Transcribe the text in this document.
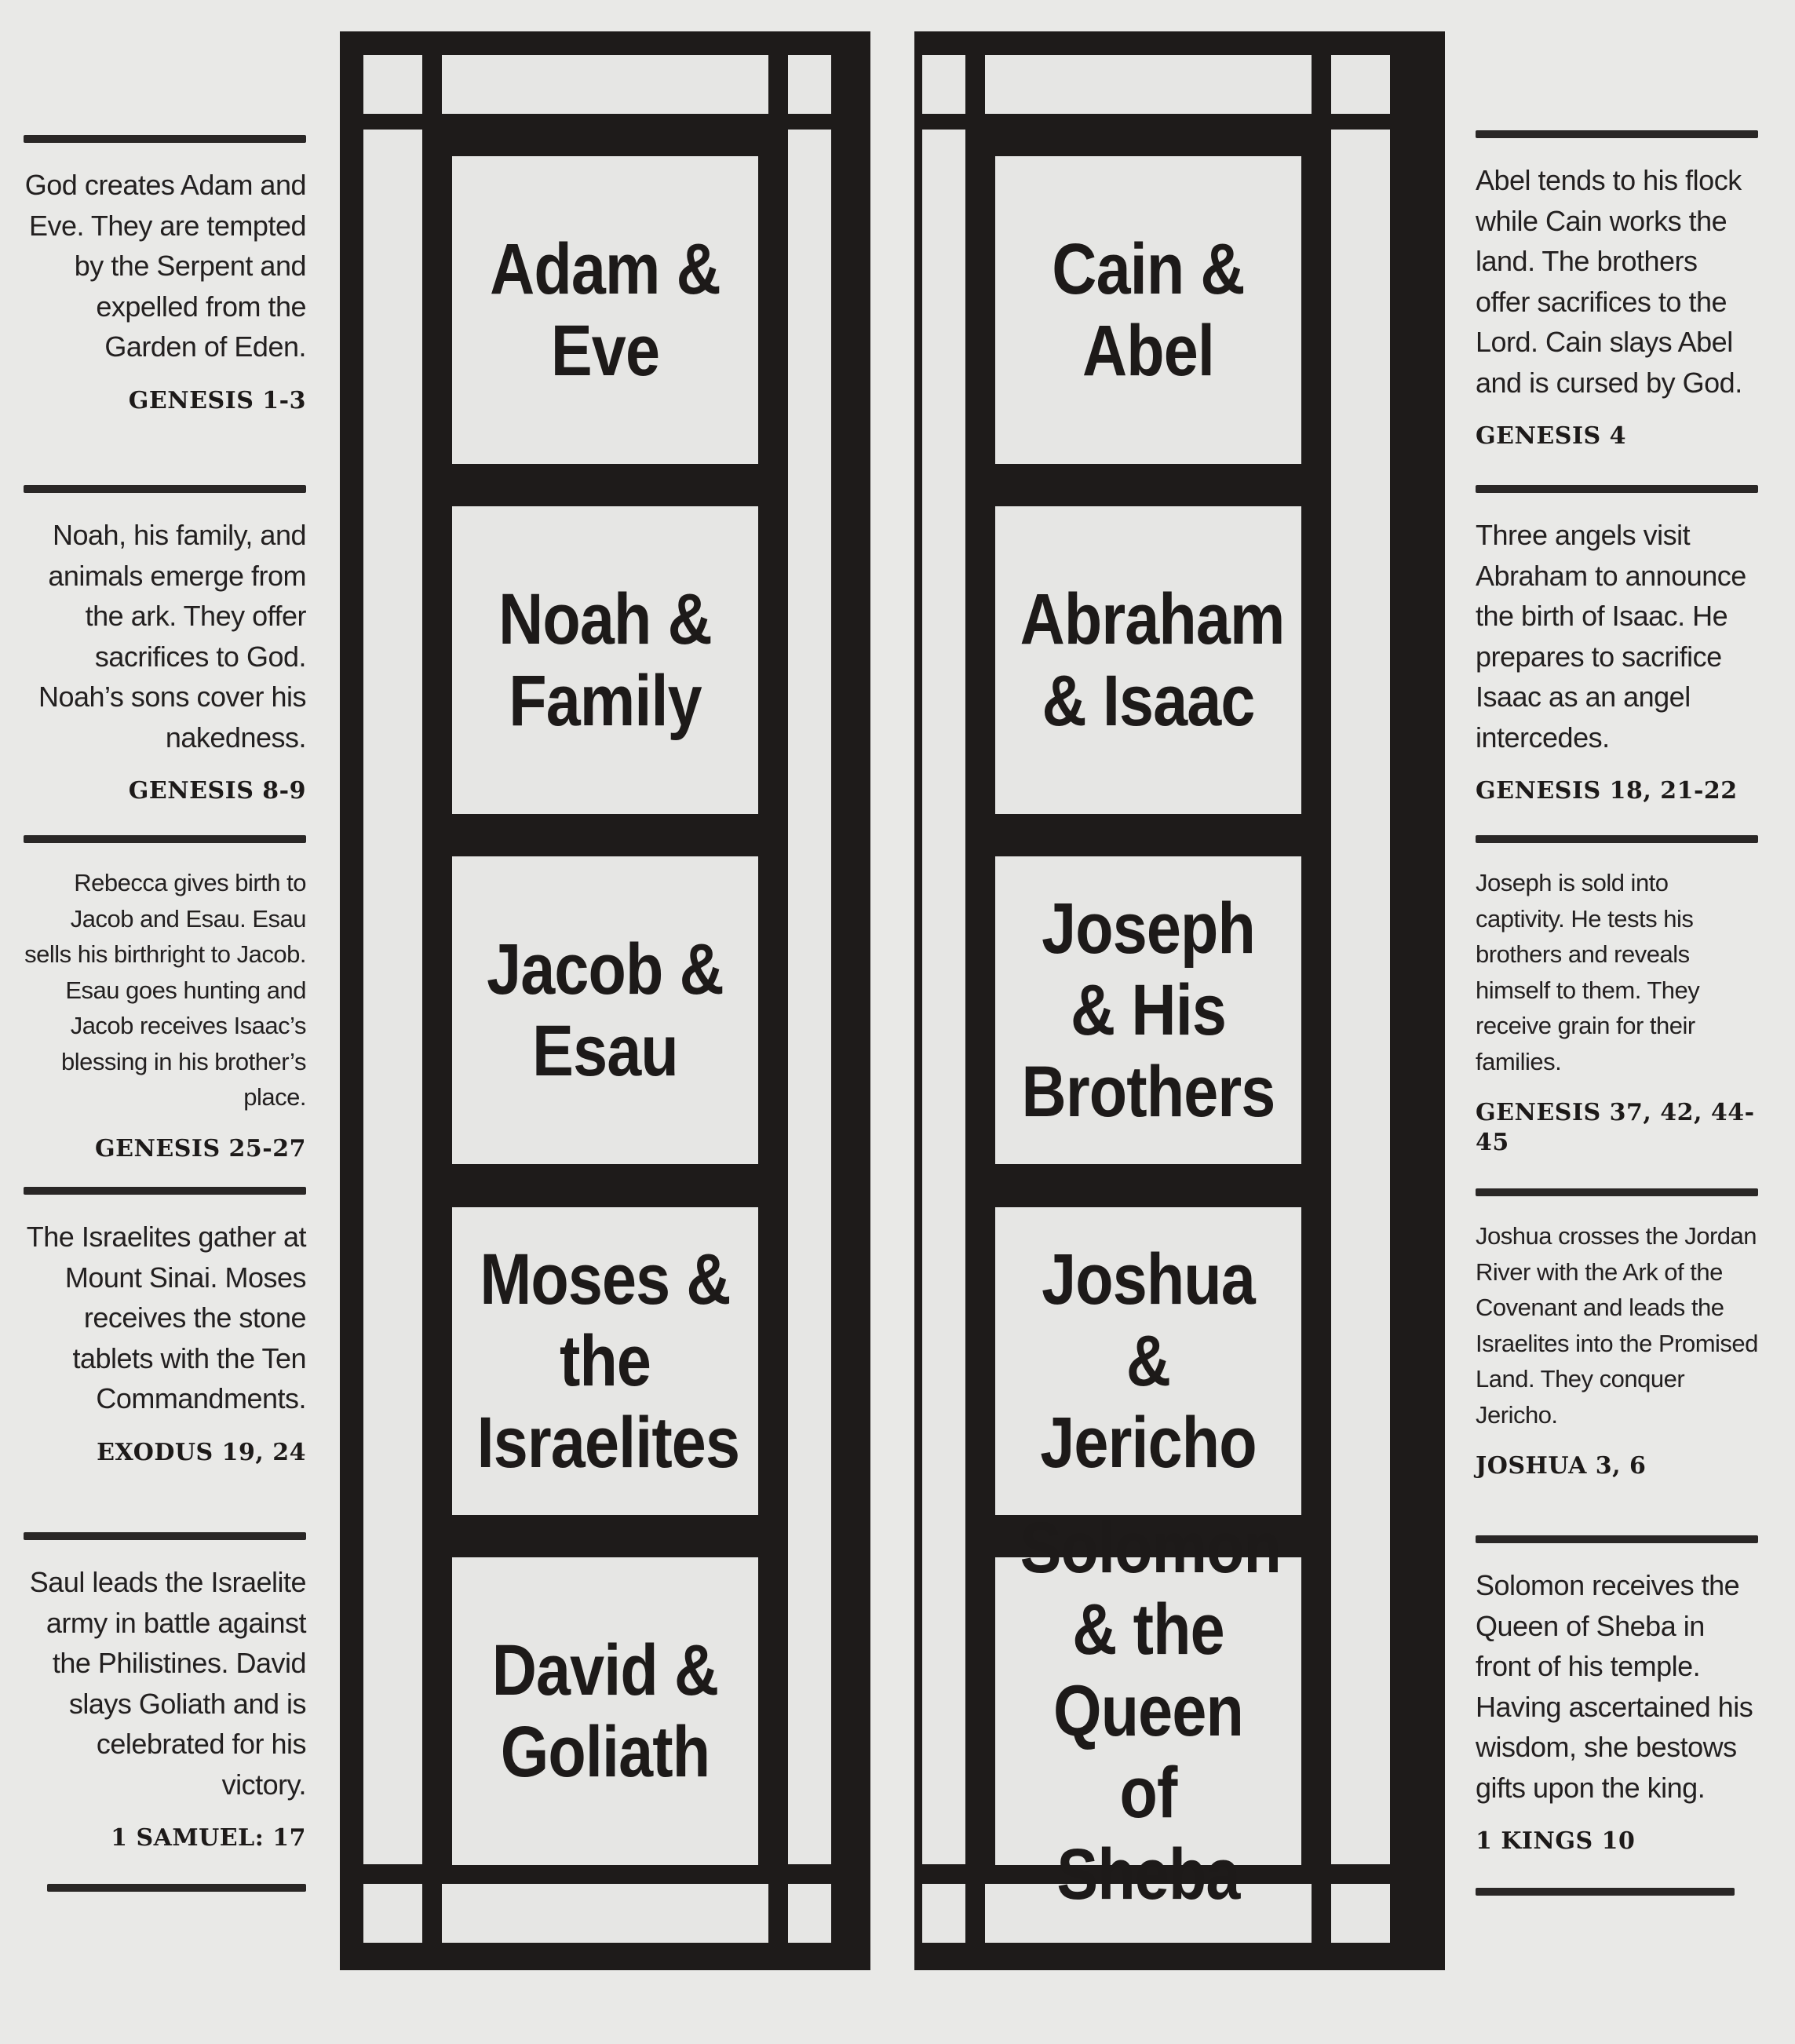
Adam & Eve
Noah & Family
Jacob & Esau
Moses & the Israelites
David & Goliath
Cain & Abel
Abraham & Isaac
Joseph & His Brothers
Joshua & Jericho
Solomon & the Queen of Sheba
God creates Adam and Eve. They are tempted by the Serpent and expelled from the Garden of Eden.
GENESIS 1-3
Noah, his family, and animals emerge from the ark. They offer sacrifices to God. Noah’s sons cover his nakedness.
GENESIS 8-9
Rebecca gives birth to Jacob and Esau. Esau sells his birthright to Jacob. Esau goes hunting and Jacob receives Isaac’s blessing in his brother’s place.
GENESIS 25-27
The Israelites gather at Mount Sinai. Moses receives the stone tablets with the Ten Commandments.
EXODUS 19, 24
Saul leads the Israelite army in battle against the Philistines. David slays Goliath and is celebrated for his victory.
1 SAMUEL: 17
Abel tends to his flock while Cain works the land. The brothers offer sacrifices to the Lord. Cain slays Abel and is cursed by God.
GENESIS 4
Three angels visit Abraham to announce the birth of Isaac. He prepares to sacrifice Isaac as an angel intercedes.
GENESIS 18, 21-22
Joseph is sold into captivity. He tests his brothers and reveals himself to them. They receive grain for their families.
GENESIS 37, 42, 44-45
Joshua crosses the Jordan River with the Ark of the Covenant and leads the Israelites into the Promised Land. They conquer Jericho.
JOSHUA 3, 6
Solomon receives the Queen of Sheba in front of his temple. Having ascertained his wisdom, she bestows gifts upon the king.
1 KINGS 10
